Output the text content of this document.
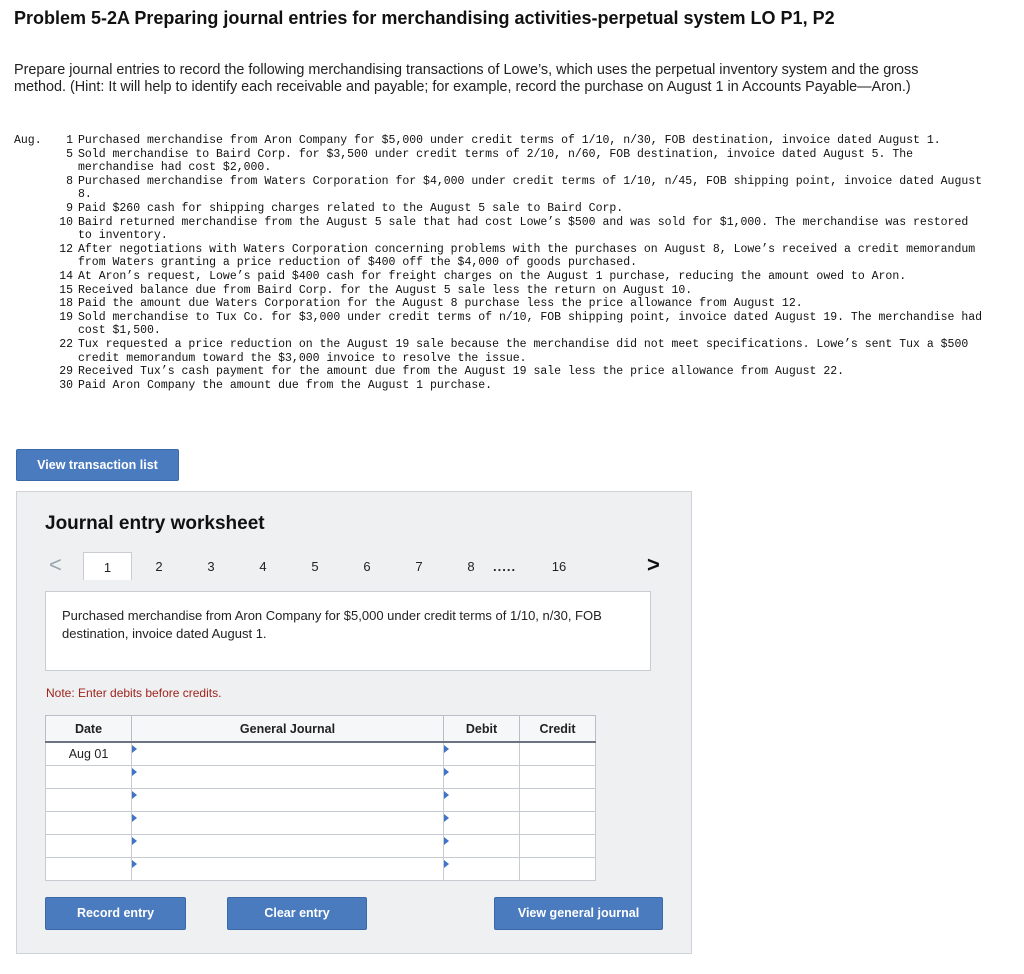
Problem 5-2A Preparing journal entries for merchandising activities-perpetual system LO P1, P2

Prepare journal entries to record the following merchandising transactions of Lowe’s, which uses the perpetual inventory system and the gross method. (Hint: It will help to identify each receivable and payable; for example, record the purchase on August 1 in Accounts Payable—Aron.)

Aug.	1 Purchased merchandise from Aron Company for $5,000 under credit terms of 1/10, n/30, FOB destination, invoice dated August 1.
5 Sold merchandise to Baird Corp. for $3,500 under credit terms of 2/10, n/60, FOB destination, invoice dated August 5. The merchandise had cost $2,000.
8 Purchased merchandise from Waters Corporation for $4,000 under credit terms of 1/10, n/45, FOB shipping point, invoice dated August 8.
9 Paid $260 cash for shipping charges related to the August 5 sale to Baird Corp.
10 Baird returned merchandise from the August 5 sale that had cost Lowe’s $500 and was sold for $1,000. The merchandise was restored to inventory.
12 After negotiations with Waters Corporation concerning problems with the purchases on August 8, Lowe’s received a credit memorandum from Waters granting a price reduction of $400 off the $4,000 of goods purchased.
14 At Aron’s request, Lowe’s paid $400 cash for freight charges on the August 1 purchase, reducing the amount owed to Aron.
15 Received balance due from Baird Corp. for the August 5 sale less the return on August 10.
18 Paid the amount due Waters Corporation for the August 8 purchase less the price allowance from August 12.
19 Sold merchandise to Tux Co. for $3,000 under credit terms of n/10, FOB shipping point, invoice dated August 19. The merchandise had cost $1,500.
22 Tux requested a price reduction on the August 19 sale because the merchandise did not meet specifications. Lowe’s sent Tux a $500 credit memorandum toward the $3,000 invoice to resolve the issue.
29 Received Tux’s cash payment for the amount due from the August 19 sale less the price allowance from August 22.
30 Paid Aron Company the amount due from the August 1 purchase.
View transaction list
Journal entry worksheet
<	1	2	3	4	5	6	7	8	.....	16	>
Purchased merchandise from Aron Company for $5,000 under credit terms of 1/10, n/30, FOB destination, invoice dated August 1.
Note: Enter debits before credits.
Date	General Journal	Debit	Credit
Aug 01	

Record entry	Clear entry	View general journal
